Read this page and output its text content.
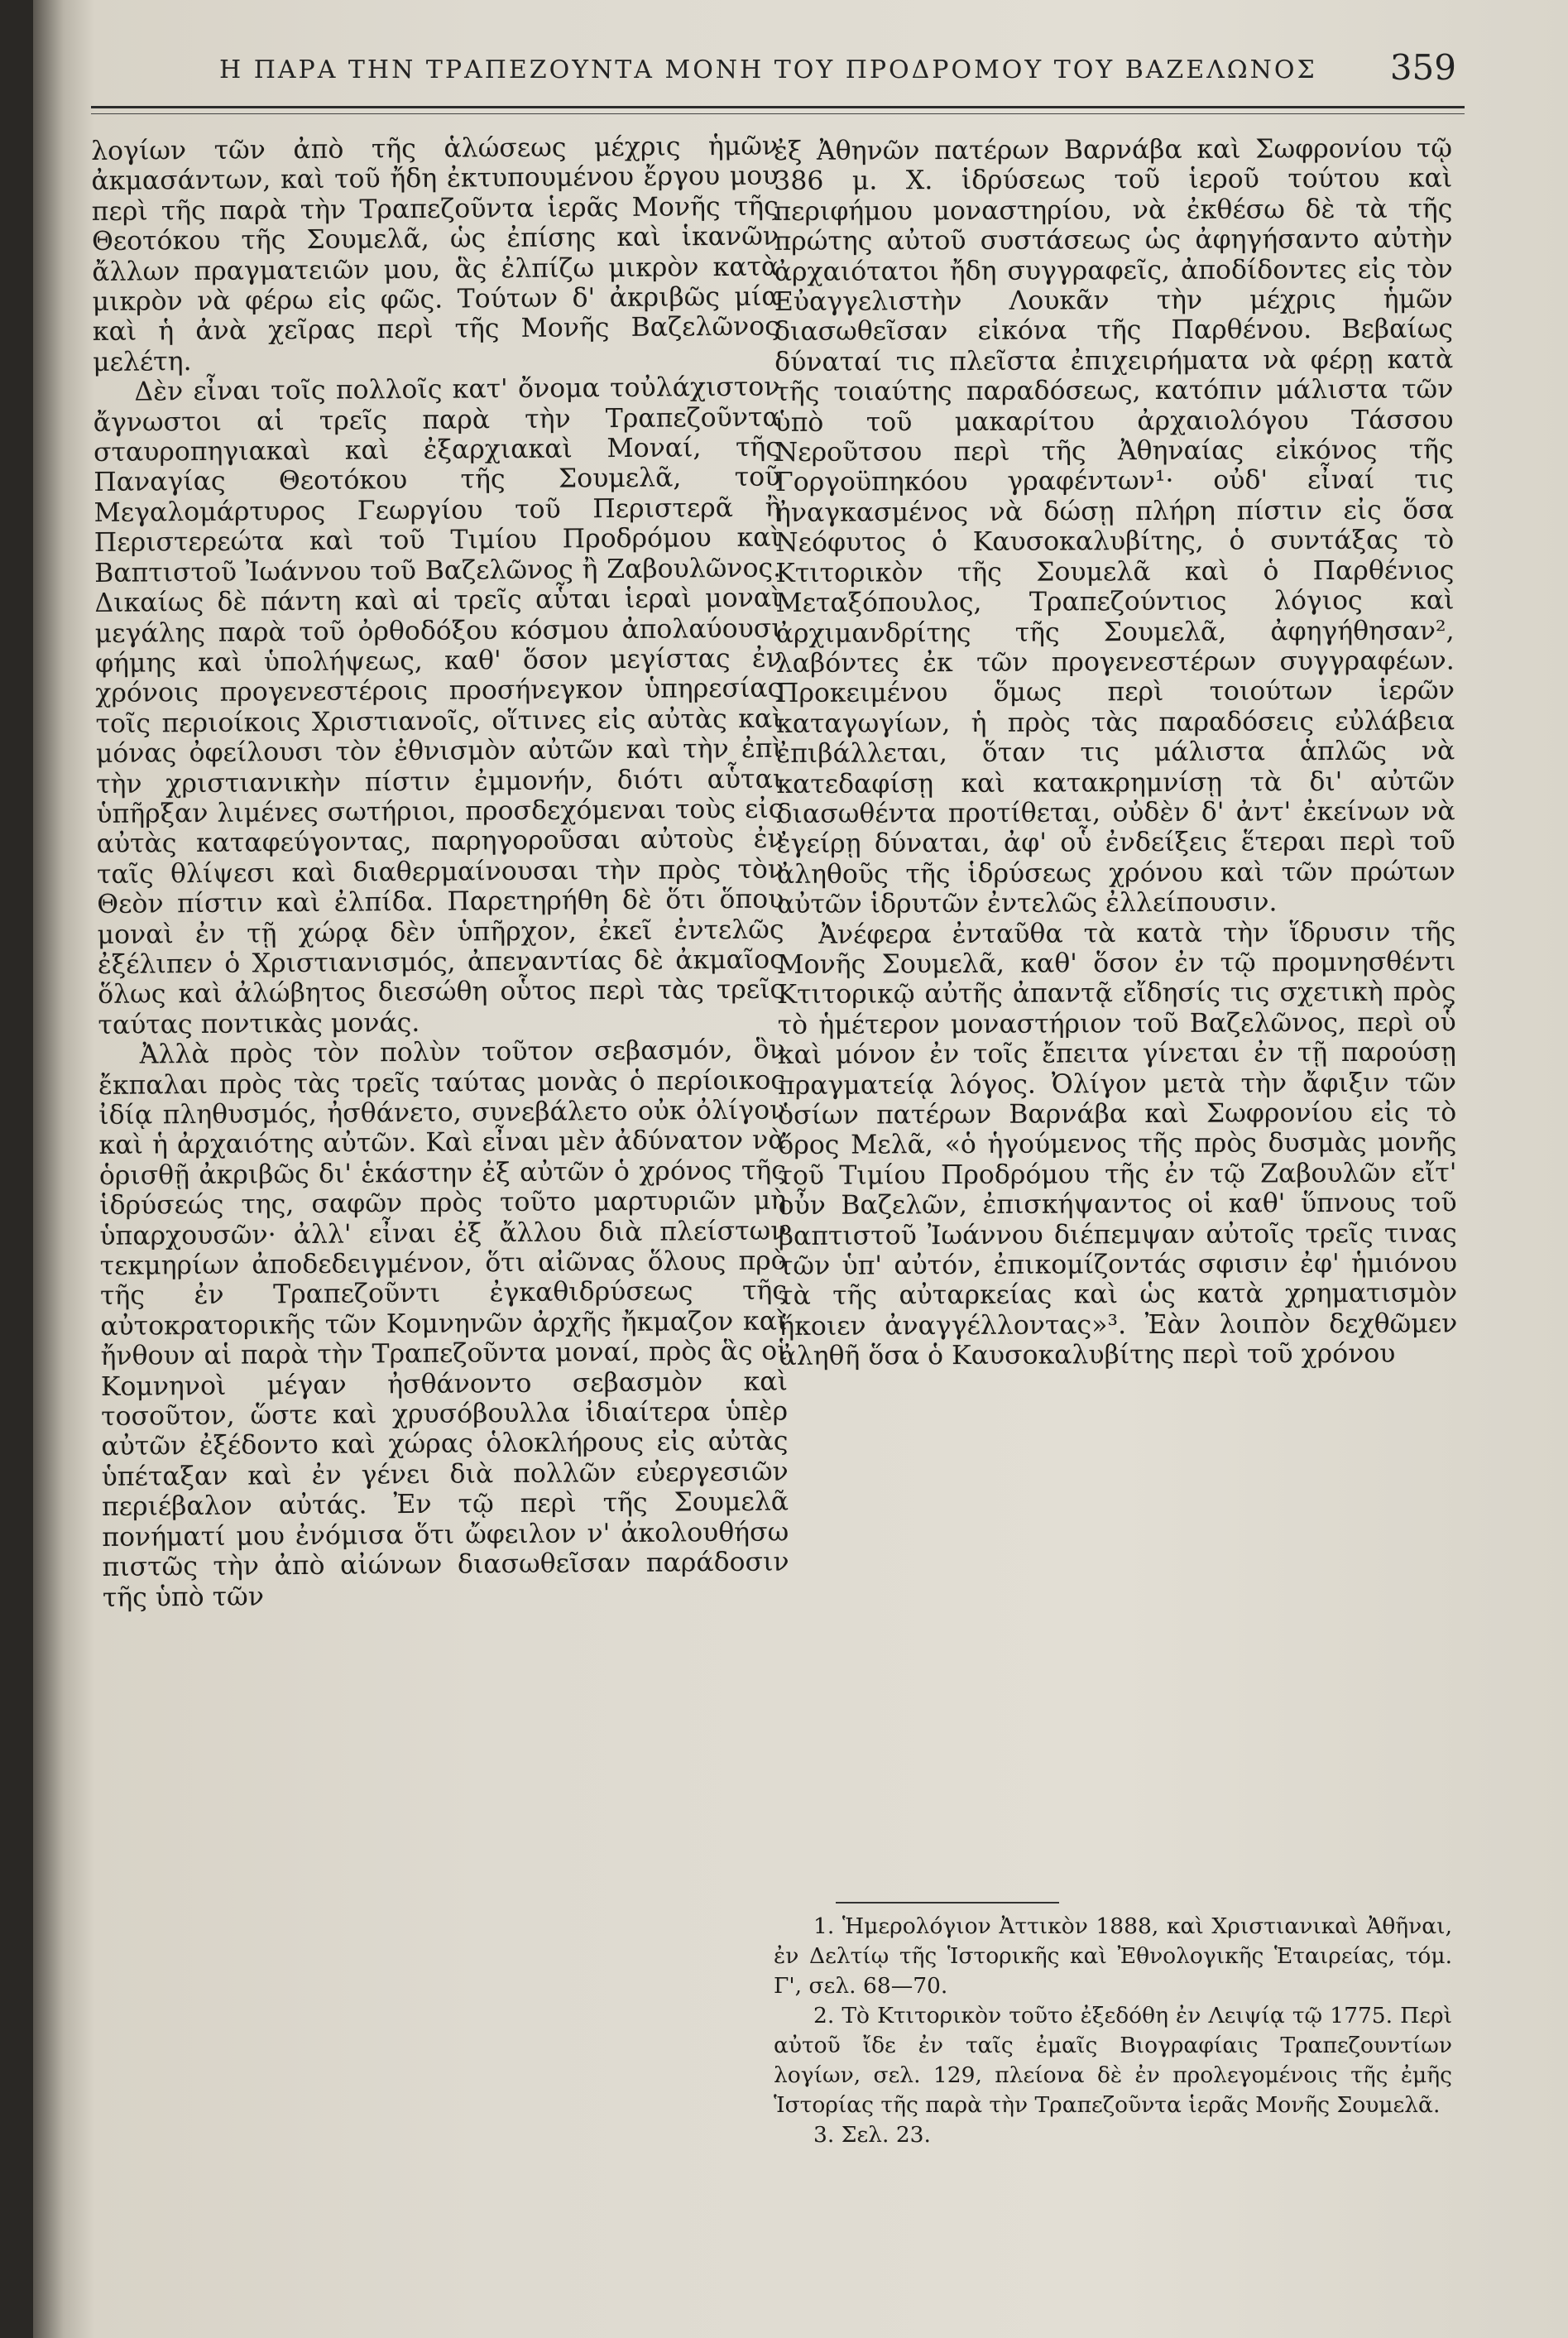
Η ΠΑΡΑ ΤΗΝ ΤΡΑΠΕΖΟΥΝΤΑ ΜΟΝΗ ΤΟΥ ΠΡΟΔΡΟΜΟΥ ΤΟΥ ΒΑΖΕΛΩΝΟΣ 359

λογίων τῶν ἀπὸ τῆς ἁλώσεως μέχρις ἡμῶν ἀκμασάντων, καὶ τοῦ ἤδη ἐκτυπουμένου ἔργου μου περὶ τῆς παρὰ τὴν Τραπεζοῦντα ἱερᾶς Μονῆς τῆς Θεοτόκου τῆς Σουμελᾶ, ὡς ἐπίσης καὶ ἱκανῶν ἄλλων πραγματειῶν μου, ἃς ἐλπίζω μικρὸν κατὰ μικρὸν νὰ φέρω εἰς φῶς. Τούτων δ' ἀκριβῶς μία καὶ ἡ ἀνὰ χεῖρας περὶ τῆς Μονῆς Βαζελῶνος μελέτη.

Δὲν εἶναι τοῖς πολλοῖς κατ' ὄνομα τοὐλάχιστον ἄγνωστοι αἱ τρεῖς παρὰ τὴν Τραπεζοῦντα σταυροπηγιακαὶ καὶ ἐξαρχιακαὶ Μοναί, τῆς Παναγίας Θεοτόκου τῆς Σουμελᾶ, τοῦ Μεγαλομάρτυρος Γεωργίου τοῦ Περιστερᾶ ἢ Περιστερεώτα καὶ τοῦ Τιμίου Προδρόμου καὶ Βαπτιστοῦ Ἰωάννου τοῦ Βαζελῶνος ἢ Ζαβουλῶνος. Δικαίως δὲ πάντη καὶ αἱ τρεῖς αὗται ἱεραὶ μοναὶ μεγάλης παρὰ τοῦ ὀρθοδόξου κόσμου ἀπολαύουσι φήμης καὶ ὑπολήψεως, καθ' ὅσον μεγίστας ἐν χρόνοις προγενεστέροις προσήνεγκον ὑπηρεσίας τοῖς περιοίκοις Χριστιανοῖς, οἵτινες εἰς αὐτὰς καὶ μόνας ὀφείλουσι τὸν ἐθνισμὸν αὐτῶν καὶ τὴν ἐπὶ τὴν χριστιανικὴν πίστιν ἐμμονήν, διότι αὗται ὑπῆρξαν λιμένες σωτήριοι, προσδεχόμεναι τοὺς εἰς αὐτὰς καταφεύγοντας, παρηγοροῦσαι αὐτοὺς ἐν ταῖς θλίψεσι καὶ διαθερμαίνουσαι τὴν πρὸς τὸν Θεὸν πίστιν καὶ ἐλπίδα. Παρετηρήθη δὲ ὅτι ὅπου μοναὶ ἐν τῇ χώρᾳ δὲν ὑπῆρχον, ἐκεῖ ἐντελῶς ἐξέλιπεν ὁ Χριστιανισμός, ἀπεναντίας δὲ ἀκμαῖος ὅλως καὶ ἀλώβητος διεσώθη οὗτος περὶ τὰς τρεῖς ταύτας ποντικὰς μονάς.

Ἀλλὰ πρὸς τὸν πολὺν τοῦτον σεβασμόν, ὃν ἔκπαλαι πρὸς τὰς τρεῖς ταύτας μονὰς ὁ περίοικος ἰδίᾳ πληθυσμός, ἠσθάνετο, συνεβάλετο οὐκ ὀλίγον καὶ ἡ ἀρχαιότης αὐτῶν. Καὶ εἶναι μὲν ἀδύνατον νὰ ὁρισθῇ ἀκριβῶς δι' ἑκάστην ἐξ αὐτῶν ὁ χρόνος τῆς ἱδρύσεώς της, σαφῶν πρὸς τοῦτο μαρτυριῶν μὴ ὑπαρχουσῶν· ἀλλ' εἶναι ἐξ ἄλλου διὰ πλείστων τεκμηρίων ἀποδεδειγμένον, ὅτι αἰῶνας ὅλους πρὸ τῆς ἐν Τραπεζοῦντι ἐγκαθιδρύσεως τῆς αὐτοκρατορικῆς τῶν Κομνηνῶν ἀρχῆς ἤκμαζον καὶ ἤνθουν αἱ παρὰ τὴν Τραπεζοῦντα μοναί, πρὸς ἃς οἱ Κομνηνοὶ μέγαν ἠσθάνοντο σεβασμὸν καὶ τοσοῦτον, ὥστε καὶ χρυσόβουλλα ἰδιαίτερα ὑπὲρ αὐτῶν ἐξέδοντο καὶ χώρας ὁλοκλήρους εἰς αὐτὰς ὑπέταξαν καὶ ἐν γένει διὰ πολλῶν εὐεργεσιῶν περιέβαλον αὐτάς. Ἐν τῷ περὶ τῆς Σουμελᾶ πονήματί μου ἐνόμισα ὅτι ὤφειλον ν' ἀκολουθήσω πιστῶς τὴν ἀπὸ αἰώνων διασωθεῖσαν παράδοσιν τῆς ὑπὸ τῶν

ἐξ Ἀθηνῶν πατέρων Βαρνάβα καὶ Σωφρονίου τῷ 386 μ. Χ. ἱδρύσεως τοῦ ἱεροῦ τούτου καὶ περιφήμου μοναστηρίου, νὰ ἐκθέσω δὲ τὰ τῆς πρώτης αὐτοῦ συστάσεως ὡς ἀφηγήσαντο αὐτὴν ἀρχαιότατοι ἤδη συγγραφεῖς, ἀποδίδοντες εἰς τὸν Εὐαγγελιστὴν Λουκᾶν τὴν μέχρις ἡμῶν διασωθεῖσαν εἰκόνα τῆς Παρθένου. Βεβαίως δύναταί τις πλεῖστα ἐπιχειρήματα νὰ φέρῃ κατὰ τῆς τοιαύτης παραδόσεως, κατόπιν μάλιστα τῶν ὑπὸ τοῦ μακαρίτου ἀρχαιολόγου Τάσσου Νεροῦτσου περὶ τῆς Ἀθηναίας εἰκόνος τῆς Γοργοϋπηκόου γραφέντων¹· οὐδ' εἶναί τις ἠναγκασμένος νὰ δώσῃ πλήρη πίστιν εἰς ὅσα Νεόφυτος ὁ Καυσοκαλυβίτης, ὁ συντάξας τὸ Κτιτορικὸν τῆς Σουμελᾶ καὶ ὁ Παρθένιος Μεταξόπουλος, Τραπεζούντιος λόγιος καὶ ἀρχιμανδρίτης τῆς Σουμελᾶ, ἀφηγήθησαν², λαβόντες ἐκ τῶν προγενεστέρων συγγραφέων. Προκειμένου ὅμως περὶ τοιούτων ἱερῶν καταγωγίων, ἡ πρὸς τὰς παραδόσεις εὐλάβεια ἐπιβάλλεται, ὅταν τις μάλιστα ἁπλῶς νὰ κατεδαφίσῃ καὶ κατακρημνίσῃ τὰ δι' αὐτῶν διασωθέντα προτίθεται, οὐδὲν δ' ἀντ' ἐκείνων νὰ ἐγείρῃ δύναται, ἀφ' οὗ ἐνδείξεις ἕτεραι περὶ τοῦ ἀληθοῦς τῆς ἱδρύσεως χρόνου καὶ τῶν πρώτων αὐτῶν ἱδρυτῶν ἐντελῶς ἐλλείπουσιν.

Ἀνέφερα ἐνταῦθα τὰ κατὰ τὴν ἵδρυσιν τῆς Μονῆς Σουμελᾶ, καθ' ὅσον ἐν τῷ προμνησθέντι Κτιτορικῷ αὐτῆς ἀπαντᾷ εἴδησίς τις σχετικὴ πρὸς τὸ ἡμέτερον μοναστήριον τοῦ Βαζελῶνος, περὶ οὗ καὶ μόνον ἐν τοῖς ἔπειτα γίνεται ἐν τῇ παρούσῃ πραγματείᾳ λόγος. Ὀλίγον μετὰ τὴν ἄφιξιν τῶν ὁσίων πατέρων Βαρνάβα καὶ Σωφρονίου εἰς τὸ ὄρος Μελᾶ, «ὁ ἡγούμενος τῆς πρὸς δυσμὰς μονῆς τοῦ Τιμίου Προδρόμου τῆς ἐν τῷ Ζαβουλῶν εἴτ' οὖν Βαζελῶν, ἐπισκήψαντος οἱ καθ' ὕπνους τοῦ βαπτιστοῦ Ἰωάννου διέπεμψαν αὐτοῖς τρεῖς τινας τῶν ὑπ' αὐτόν, ἐπικομίζοντάς σφισιν ἐφ' ἡμιόνου τὰ τῆς αὐταρκείας καὶ ὡς κατὰ χρηματισμὸν ἥκοιεν ἀναγγέλλοντας»³. Ἐὰν λοιπὸν δεχθῶμεν ἀληθῆ ὅσα ὁ Καυσοκαλυβίτης περὶ τοῦ χρόνου

1. Ἡμερολόγιον Ἀττικὸν 1888, καὶ Χριστιανικαὶ Ἀθῆναι, ἐν Δελτίῳ τῆς Ἱστορικῆς καὶ Ἐθνολογικῆς Ἑταιρείας, τόμ. Γ', σελ. 68—70.

2. Τὸ Κτιτορικὸν τοῦτο ἐξεδόθη ἐν Λειψίᾳ τῷ 1775. Περὶ αὐτοῦ ἴδε ἐν ταῖς ἐμαῖς Βιογραφίαις Τραπεζουντίων λογίων, σελ. 129, πλείονα δὲ ἐν προλεγομένοις τῆς ἐμῆς Ἱστορίας τῆς παρὰ τὴν Τραπεζοῦντα ἱερᾶς Μονῆς Σουμελᾶ.

3. Σελ. 23.
